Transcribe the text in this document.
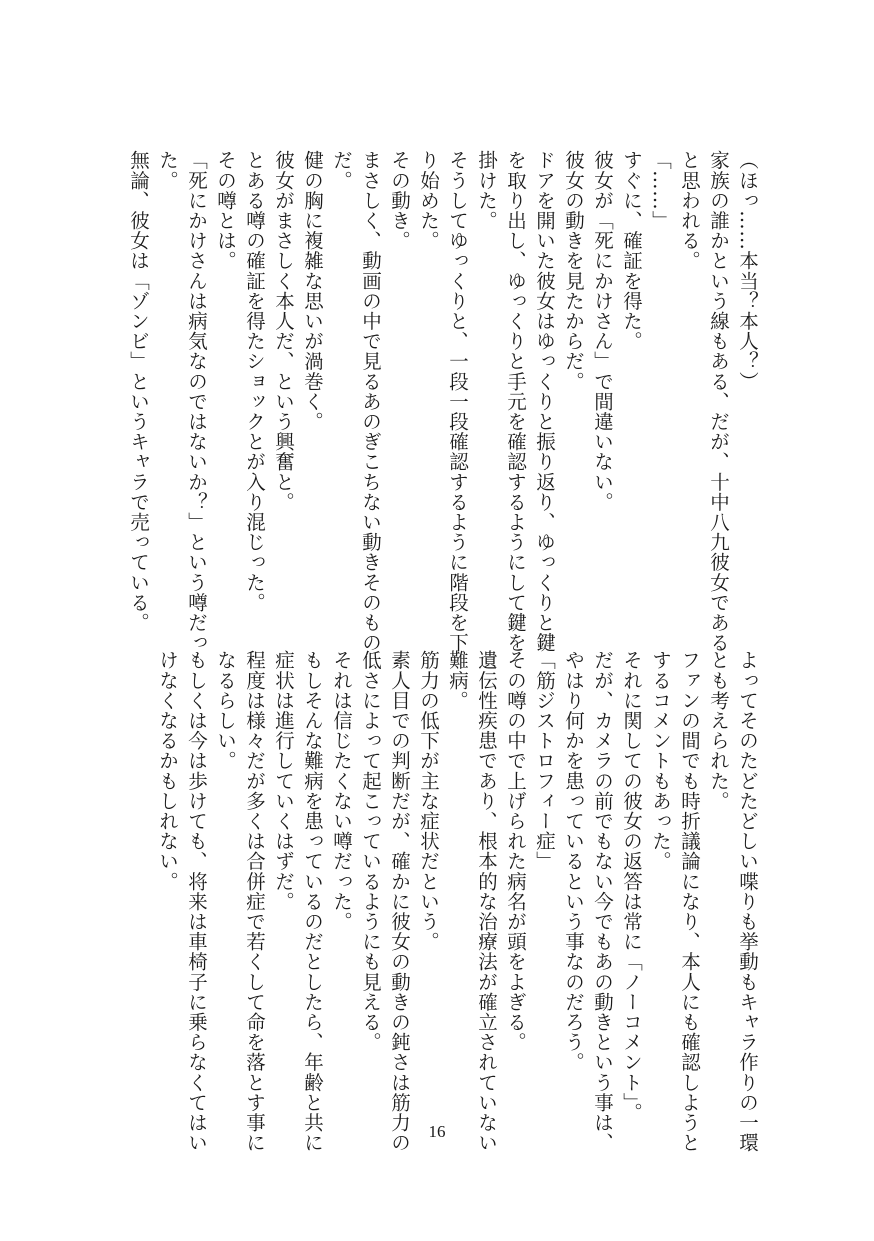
（ほっ……本当？本人？）
家族の誰かという線もある、だが、十中八九彼女である
と思われる。
「……」
すぐに、確証を得た。
彼女が「死にかけさん」で間違いない。
彼女の動きを見たからだ。
ドアを開いた彼女はゆっくりと振り返り、ゆっくりと鍵
を取り出し、ゆっくりと手元を確認するようにして鍵を
掛けた。
そうしてゆっくりと、一段一段確認するように階段を下
り始めた。
その動き。
まさしく、動画の中で見るあのぎこちない動きそのもの
だ。
健の胸に複雑な思いが渦巻く。
彼女がまさしく本人だ、という興奮と。
とある噂の確証を得たショックとが入り混じった。
その噂とは。
「死にかけさんは病気なのではないか？」という噂だっ
た。
無論、彼女は「ゾンビ」というキャラで売っている。
よってそのたどたどしい喋りも挙動もキャラ作りの一環
とも考えられた。
ファンの間でも時折議論になり、本人にも確認しようと
するコメントもあった。
それに関しての彼女の返答は常に「ノーコメント」。
だが、カメラの前でもない今でもあの動きという事は、
やはり何かを患っているという事なのだろう。
「筋ジストロフィー症」
その噂の中で上げられた病名が頭をよぎる。
遺伝性疾患であり、根本的な治療法が確立されていない
難病。
筋力の低下が主な症状だという。
素人目での判断だが、確かに彼女の動きの鈍さは筋力の
低さによって起こっているようにも見える。
それは信じたくない噂だった。
もしそんな難病を患っているのだとしたら、年齢と共に
症状は進行していくはずだ。
程度は様々だが多くは合併症で若くして命を落とす事に
なるらしい。
もしくは今は歩けても、将来は車椅子に乗らなくてはい
けなくなるかもしれない。
16
